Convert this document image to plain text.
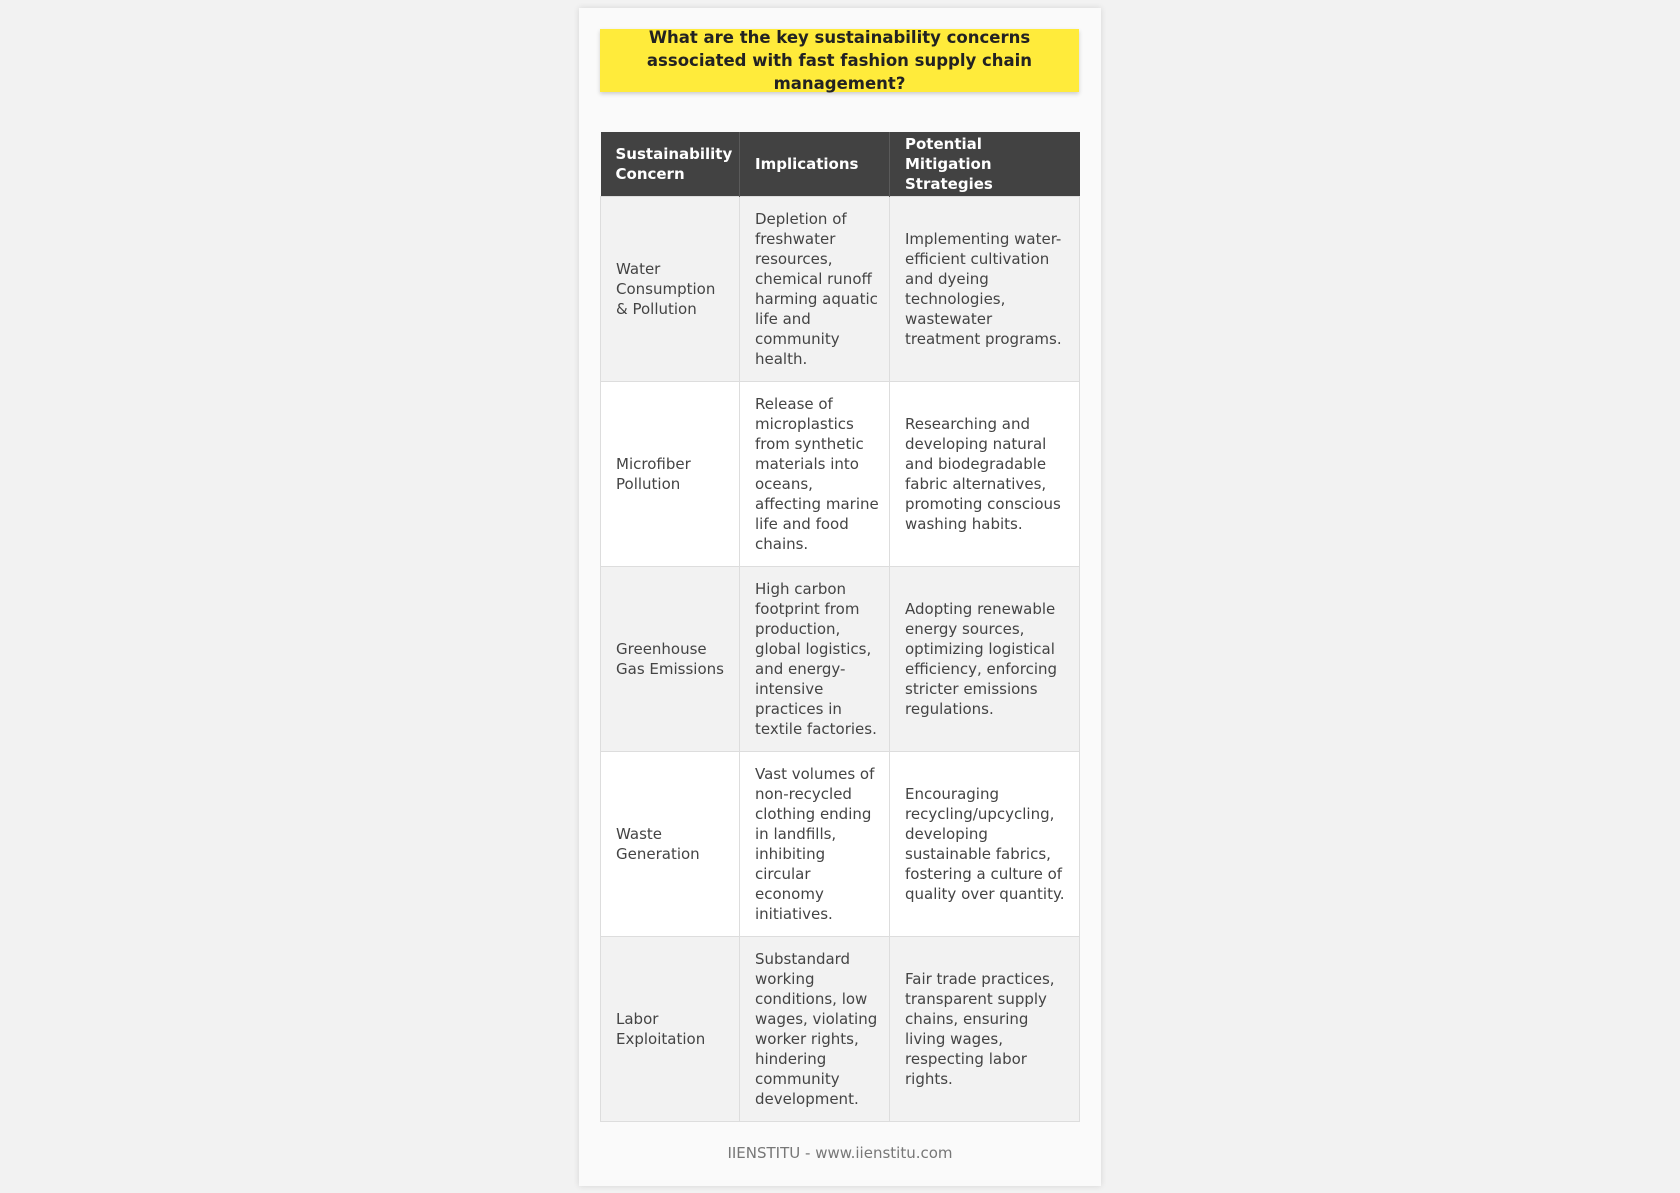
What are the key sustainability concerns associated with fast fashion supply chain management?
Sustainability Concern	Implications	Potential Mitigation Strategies
Water Consumption & Pollution	Depletion of freshwater resources, chemical runoff harming aquatic life and community health.	Implementing water-efficient cultivation and dyeing technologies, wastewater treatment programs.
Microfiber Pollution	Release of microplastics from synthetic materials into oceans, affecting marine life and food chains.	Researching and developing natural and biodegradable fabric alternatives, promoting conscious washing habits.
Greenhouse Gas Emissions	High carbon footprint from production, global logistics, and energy-intensive practices in textile factories.	Adopting renewable energy sources, optimizing logistical efficiency, enforcing stricter emissions regulations.
Waste Generation	Vast volumes of non-recycled clothing ending in landfills, inhibiting circular economy initiatives.	Encouraging recycling/upcycling, developing sustainable fabrics, fostering a culture of quality over quantity.
Labor Exploitation	Substandard working conditions, low wages, violating worker rights, hindering community development.	Fair trade practices, transparent supply chains, ensuring living wages, respecting labor rights.
IIENSTITU - www.iienstitu.com
